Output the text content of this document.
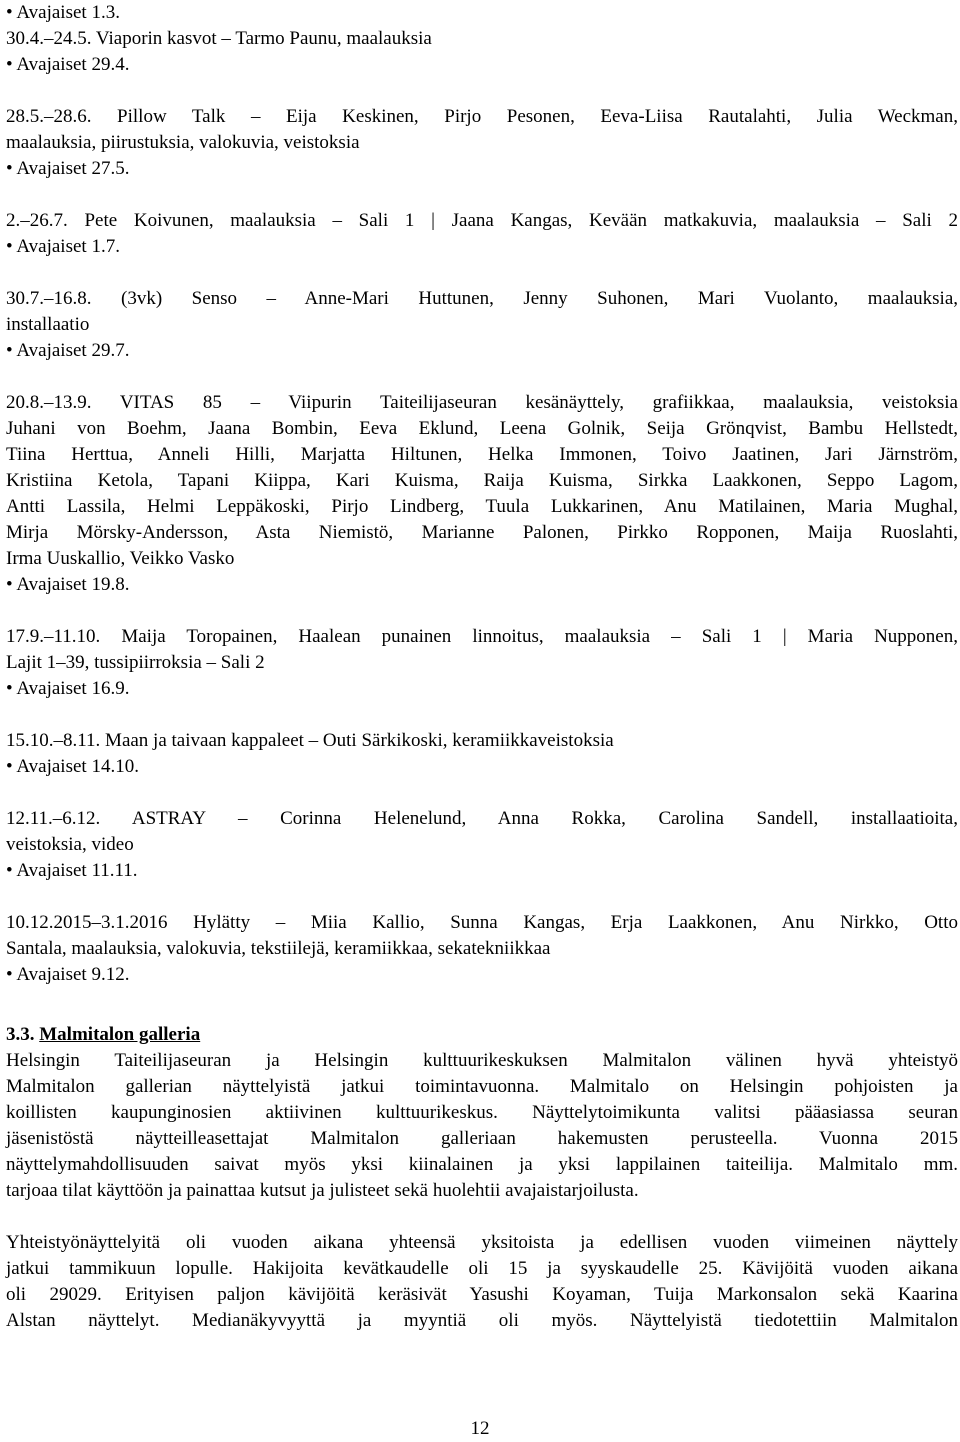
• Avajaiset 1.3.
30.4.–24.5. Viaporin kasvot – Tarmo Paunu, maalauksia
• Avajaiset 29.4.
28.5.–28.6. Pillow Talk – Eija Keskinen, Pirjo Pesonen, Eeva-Liisa Rautalahti, Julia Weckman,
maalauksia, piirustuksia, valokuvia, veistoksia
• Avajaiset 27.5.
2.–26.7. Pete Koivunen, maalauksia – Sali 1 | Jaana Kangas, Kevään matkakuvia, maalauksia – Sali 2
• Avajaiset 1.7.
30.7.–16.8. (3vk) Senso – Anne-Mari Huttunen, Jenny Suhonen, Mari Vuolanto, maalauksia,
installaatio
• Avajaiset 29.7.
20.8.–13.9. VITAS 85 – Viipurin Taiteilijaseuran kesänäyttely, grafiikkaa, maalauksia, veistoksia
Juhani von Boehm, Jaana Bombin, Eeva Eklund, Leena Golnik, Seija Grönqvist, Bambu Hellstedt,
Tiina Herttua, Anneli Hilli, Marjatta Hiltunen, Helka Immonen, Toivo Jaatinen, Jari Järnström,
Kristiina Ketola, Tapani Kiippa, Kari Kuisma, Raija Kuisma, Sirkka Laakkonen, Seppo Lagom,
Antti Lassila, Helmi Leppäkoski, Pirjo Lindberg, Tuula Lukkarinen, Anu Matilainen, Maria Mughal,
Mirja Mörsky-Andersson, Asta Niemistö, Marianne Palonen, Pirkko Ropponen, Maija Ruoslahti,
Irma Uuskallio, Veikko Vasko
• Avajaiset 19.8.
17.9.–11.10. Maija Toropainen, Haalean punainen linnoitus, maalauksia – Sali 1 | Maria Nupponen,
Lajit 1–39, tussipiirroksia – Sali 2
• Avajaiset 16.9.
15.10.–8.11. Maan ja taivaan kappaleet – Outi Särkikoski, keramiikkaveistoksia
• Avajaiset 14.10.
12.11.–6.12. ASTRAY – Corinna Helenelund, Anna Rokka, Carolina Sandell, installaatioita,
veistoksia, video
• Avajaiset 11.11.
10.12.2015–3.1.2016 Hylätty – Miia Kallio, Sunna Kangas, Erja Laakkonen, Anu Nirkko, Otto
Santala, maalauksia, valokuvia, tekstiilejä, keramiikkaa, sekatekniikkaa
• Avajaiset 9.12.
3.3. Malmitalon galleria
Helsingin Taiteilijaseuran ja Helsingin kulttuurikeskuksen Malmitalon välinen hyvä yhteistyö
Malmitalon gallerian näyttelyistä jatkui toimintavuonna. Malmitalo on Helsingin pohjoisten ja
koillisten kaupunginosien aktiivinen kulttuurikeskus. Näyttelytoimikunta valitsi pääasiassa seuran
jäsenistöstä näytteilleasettajat Malmitalon galleriaan hakemusten perusteella. Vuonna 2015
näyttelymahdollisuuden saivat myös yksi kiinalainen ja yksi lappilainen taiteilija. Malmitalo mm.
tarjoaa tilat käyttöön ja painattaa kutsut ja julisteet sekä huolehtii avajaistarjoilusta.
Yhteistyönäyttelyitä oli vuoden aikana yhteensä yksitoista ja edellisen vuoden viimeinen näyttely
jatkui tammikuun lopulle. Hakijoita kevätkaudelle oli 15 ja syyskaudelle 25. Kävijöitä vuoden aikana
oli 29029. Erityisen paljon kävijöitä keräsivät Yasushi Koyaman, Tuija Markonsalon sekä Kaarina
Alstan näyttelyt. Medianäkyvyyttä ja myyntiä oli myös. Näyttelyistä tiedotettiin Malmitalon
12
